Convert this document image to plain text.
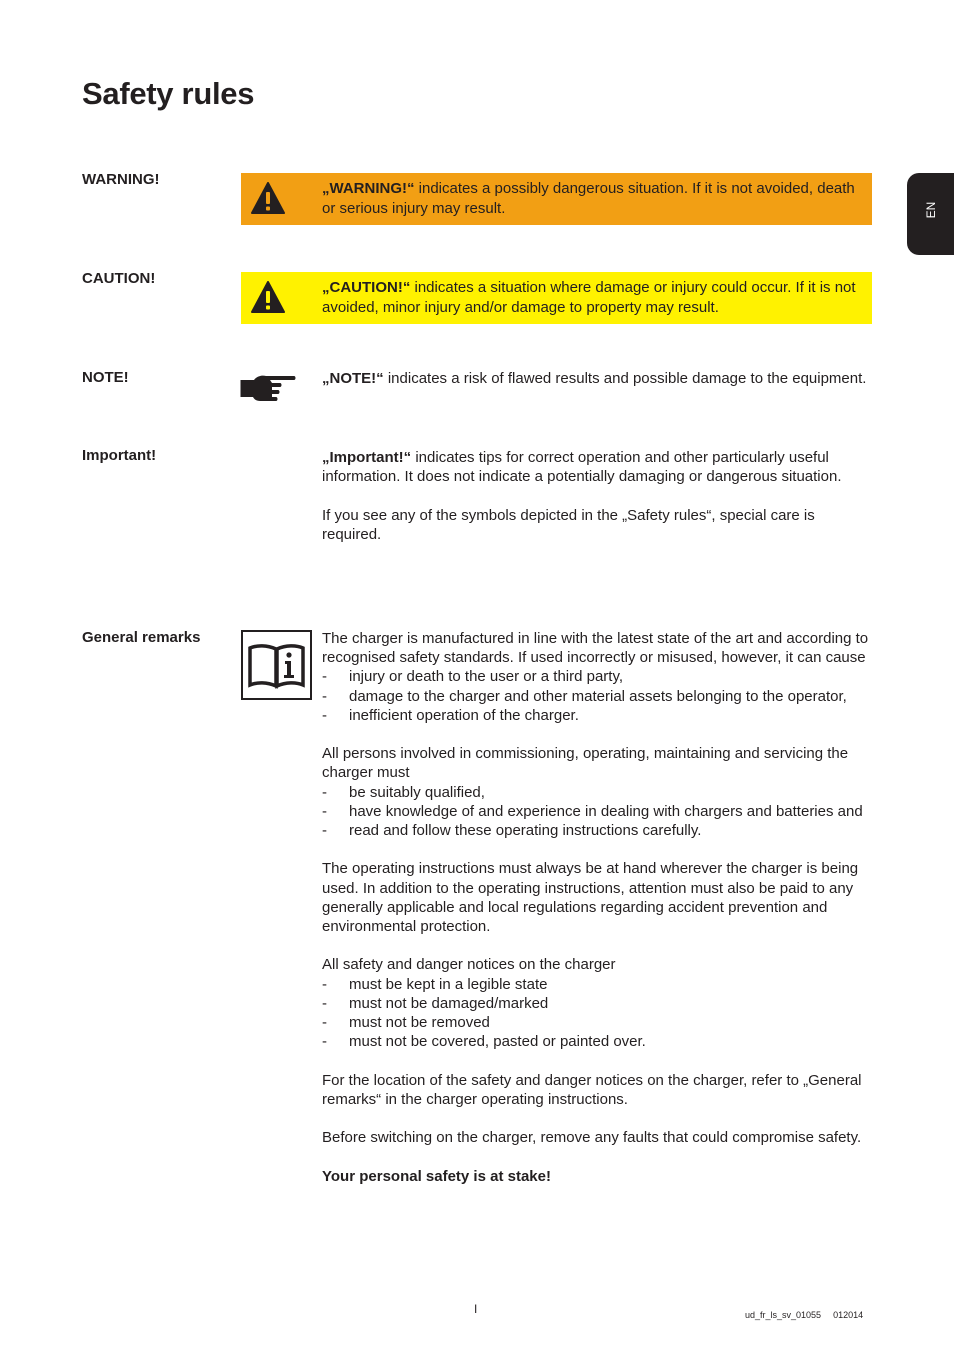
Safety rules
EN
WARNING!
„WARNING!“ indicates a possibly dangerous situation. If it is not avoided, death or serious injury may result.
CAUTION!
„CAUTION!“ indicates a situation where damage or injury could occur. If it is not avoided, minor injury and/or damage to property may result.
NOTE!	„NOTE!“ indicates a risk of flawed results and possible damage to the equipment.
Important!	„Important!“ indicates tips for correct operation and other particularly useful information. It does not indicate a potentially damaging or dangerous situation.

If you see any of the symbols depicted in the „Safety rules“, special care is required.

General remarks	The charger is manufactured in line with the latest state of the art and according to recognised safety standards. If used incorrectly or misused, however, it can cause

- injury or death to the user or a third party,

- damage to the charger and other material assets belonging to the operator,

- inefficient operation of the charger.

All persons involved in commissioning, operating, maintaining and servicing the charger must

- be suitably qualified,

- have knowledge of and experience in dealing with chargers and batteries and

- read and follow these operating instructions carefully.

The operating instructions must always be at hand wherever the charger is being used. In addition to the operating instructions, attention must also be paid to any generally applicable and local regulations regarding accident prevention and environmental protection.

All safety and danger notices on the charger

- must be kept in a legible state

- must not be damaged/marked

- must not be removed

- must not be covered, pasted or painted over.

For the location of the safety and danger notices on the charger, refer to „General remarks“ in the charger operating instructions.

Before switching on the charger, remove any faults that could compromise safety.

Your personal safety is at stake!

I	ud_fr_ls_sv_01055 012014
